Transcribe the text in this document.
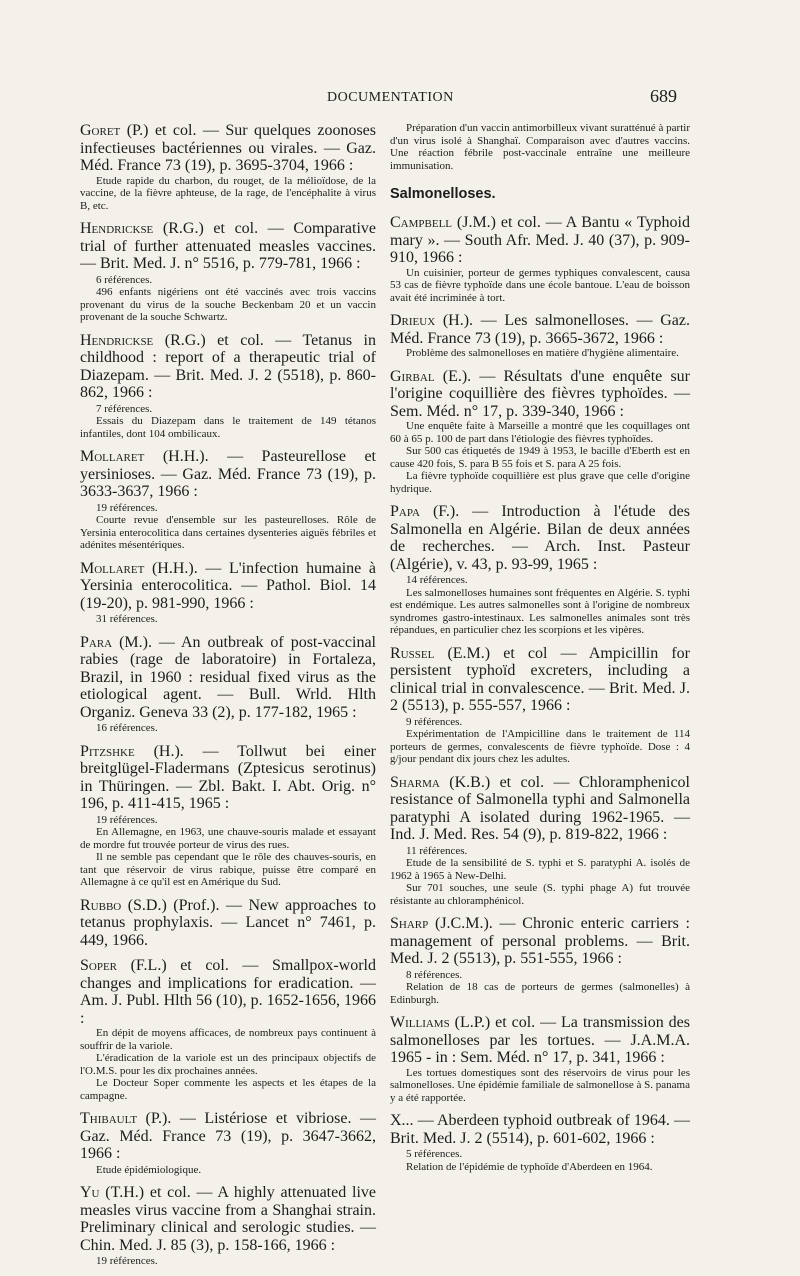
DOCUMENTATION	689

Goret (P.) et col. — Sur quelques zoonoses infectieuses bactériennes ou virales. — Gaz. Méd. France 73 (19), p. 3695-3704, 1966 :

Etude rapide du charbon, du rouget, de la mélioïdose, de la vaccine, de la fièvre aphteuse, de la rage, de l'encéphalite à virus B, etc.

Hendrickse (R.G.) et col. — Comparative trial of further attenuated measles vaccines. — Brit. Med. J. n° 5516, p. 779-781, 1966 :

6 références.

496 enfants nigériens ont été vaccinés avec trois vaccins provenant du virus de la souche Beckenbam 20 et un vaccin provenant de la souche Schwartz.

Hendrickse (R.G.) et col. — Tetanus in childhood : report of a therapeutic trial of Diazepam. — Brit. Med. J. 2 (5518), p. 860-862, 1966 :

7 références.

Essais du Diazepam dans le traitement de 149 tétanos infantiles, dont 104 ombilicaux.

Mollaret (H.H.). — Pasteurellose et yersinioses. — Gaz. Méd. France 73 (19), p. 3633-3637, 1966 :

19 références.

Courte revue d'ensemble sur les pasteurelloses. Rôle de Yersinia enterocolitica dans certaines dysenteries aiguës fébriles et adénites mésentériques.

Mollaret (H.H.). — L'infection humaine à Yersinia enterocolitica. — Pathol. Biol. 14 (19-20), p. 981-990, 1966 :

31 références.

Para (M.). — An outbreak of post-vaccinal rabies (rage de laboratoire) in Fortaleza, Brazil, in 1960 : residual fixed virus as the etiological agent. — Bull. Wrld. Hlth Organiz. Geneva 33 (2), p. 177-182, 1965 :

16 références.

Pitzshke (H.). — Tollwut bei einer breitglügel-Fladermans (Zptesicus serotinus) in Thüringen. — Zbl. Bakt. I. Abt. Orig. n° 196, p. 411-415, 1965 :

19 références.

En Allemagne, en 1963, une chauve-souris malade et essayant de mordre fut trouvée porteur de virus des rues.

Il ne semble pas cependant que le rôle des chauves-souris, en tant que réservoir de virus rabique, puisse être comparé en Allemagne à ce qu'il est en Amérique du Sud.

Rubbo (S.D.) (Prof.). — New approaches to tetanus prophylaxis. — Lancet n° 7461, p. 449, 1966.

Soper (F.L.) et col. — Smallpox-world changes and implications for eradication. — Am. J. Publ. Hlth 56 (10), p. 1652-1656, 1966 :

En dépit de moyens afficaces, de nombreux pays continuent à souffrir de la variole.

L'éradication de la variole est un des principaux objectifs de l'O.M.S. pour les dix prochaines années.

Le Docteur Soper commente les aspects et les étapes de la campagne.

Thibault (P.). — Listériose et vibriose. — Gaz. Méd. France 73 (19), p. 3647-3662, 1966 :

Etude épidémiologique.

Yu (T.H.) et col. — A highly attenuated live measles virus vaccine from a Shanghai strain. Preliminary clinical and serologic studies. — Chin. Med. J. 85 (3), p. 158-166, 1966 :

19 références.

Préparation d'un vaccin antimorbilleux vivant suratténué à partir d'un virus isolé à Shanghaï. Comparaison avec d'autres vaccins. Une réaction fébrile post-vaccinale entraîne une meilleure immunisation.

Salmonelloses.

Campbell (J.M.) et col. — A Bantu « Typhoid mary ». — South Afr. Med. J. 40 (37), p. 909-910, 1966 :

Un cuisinier, porteur de germes typhiques convalescent, causa 53 cas de fièvre typhoïde dans une école bantoue. L'eau de boisson avait été incriminée à tort.

Drieux (H.). — Les salmonelloses. — Gaz. Méd. France 73 (19), p. 3665-3672, 1966 :

Problème des salmonelloses en matière d'hygiène alimentaire.

Girbal (E.). — Résultats d'une enquête sur l'origine coquillière des fièvres typhoïdes. — Sem. Méd. n° 17, p. 339-340, 1966 :

Une enquête faite à Marseille a montré que les coquillages ont 60 à 65 p. 100 de part dans l'étiologie des fièvres typhoïdes.

Sur 500 cas étiquetés de 1949 à 1953, le bacille d'Eberth est en cause 420 fois, S. para B 55 fois et S. para A 25 fois.

La fièvre typhoïde coquillière est plus grave que celle d'origine hydrique.

Papa (F.). — Introduction à l'étude des Salmonella en Algérie. Bilan de deux années de recherches. — Arch. Inst. Pasteur (Algérie), v. 43, p. 93-99, 1965 :

14 références.

Les salmonelloses humaines sont fréquentes en Algérie. S. typhi est endémique. Les autres salmonelles sont à l'origine de nombreux syndromes gastro-intestinaux. Les salmonelles animales sont très répandues, en particulier chez les scorpions et les vipères.

Russel (E.M.) et col — Ampicillin for persistent typhoïd excreters, including a clinical trial in convalescence. — Brit. Med. J. 2 (5513), p. 555-557, 1966 :

9 références.

Expérimentation de l'Ampicilline dans le traitement de 114 porteurs de germes, convalescents de fièvre typhoïde. Dose : 4 g/jour pendant dix jours chez les adultes.

Sharma (K.B.) et col. — Chloramphenicol resistance of Salmonella typhi and Salmonella paratyphi A isolated during 1962-1965. — Ind. J. Med. Res. 54 (9), p. 819-822, 1966 :

11 références.

Etude de la sensibilité de S. typhi et S. paratyphi A. isolés de 1962 à 1965 à New-Delhi.

Sur 701 souches, une seule (S. typhi phage A) fut trouvée résistante au chloramphénicol.

Sharp (J.C.M.). — Chronic enteric carriers : management of personal problems. — Brit. Med. J. 2 (5513), p. 551-555, 1966 :

8 références.

Relation de 18 cas de porteurs de germes (salmonelles) à Edinburgh.

Williams (L.P.) et col. — La transmission des salmonelloses par les tortues. — J.A.M.A. 1965 - in : Sem. Méd. n° 17, p. 341, 1966 :

Les tortues domestiques sont des réservoirs de virus pour les salmonelloses. Une épidémie familiale de salmonellose à S. panama y a été rapportée.

X... — Aberdeen typhoid outbreak of 1964. — Brit. Med. J. 2 (5514), p. 601-602, 1966 :

5 références.

Relation de l'épidémie de typhoïde d'Aberdeen en 1964.
